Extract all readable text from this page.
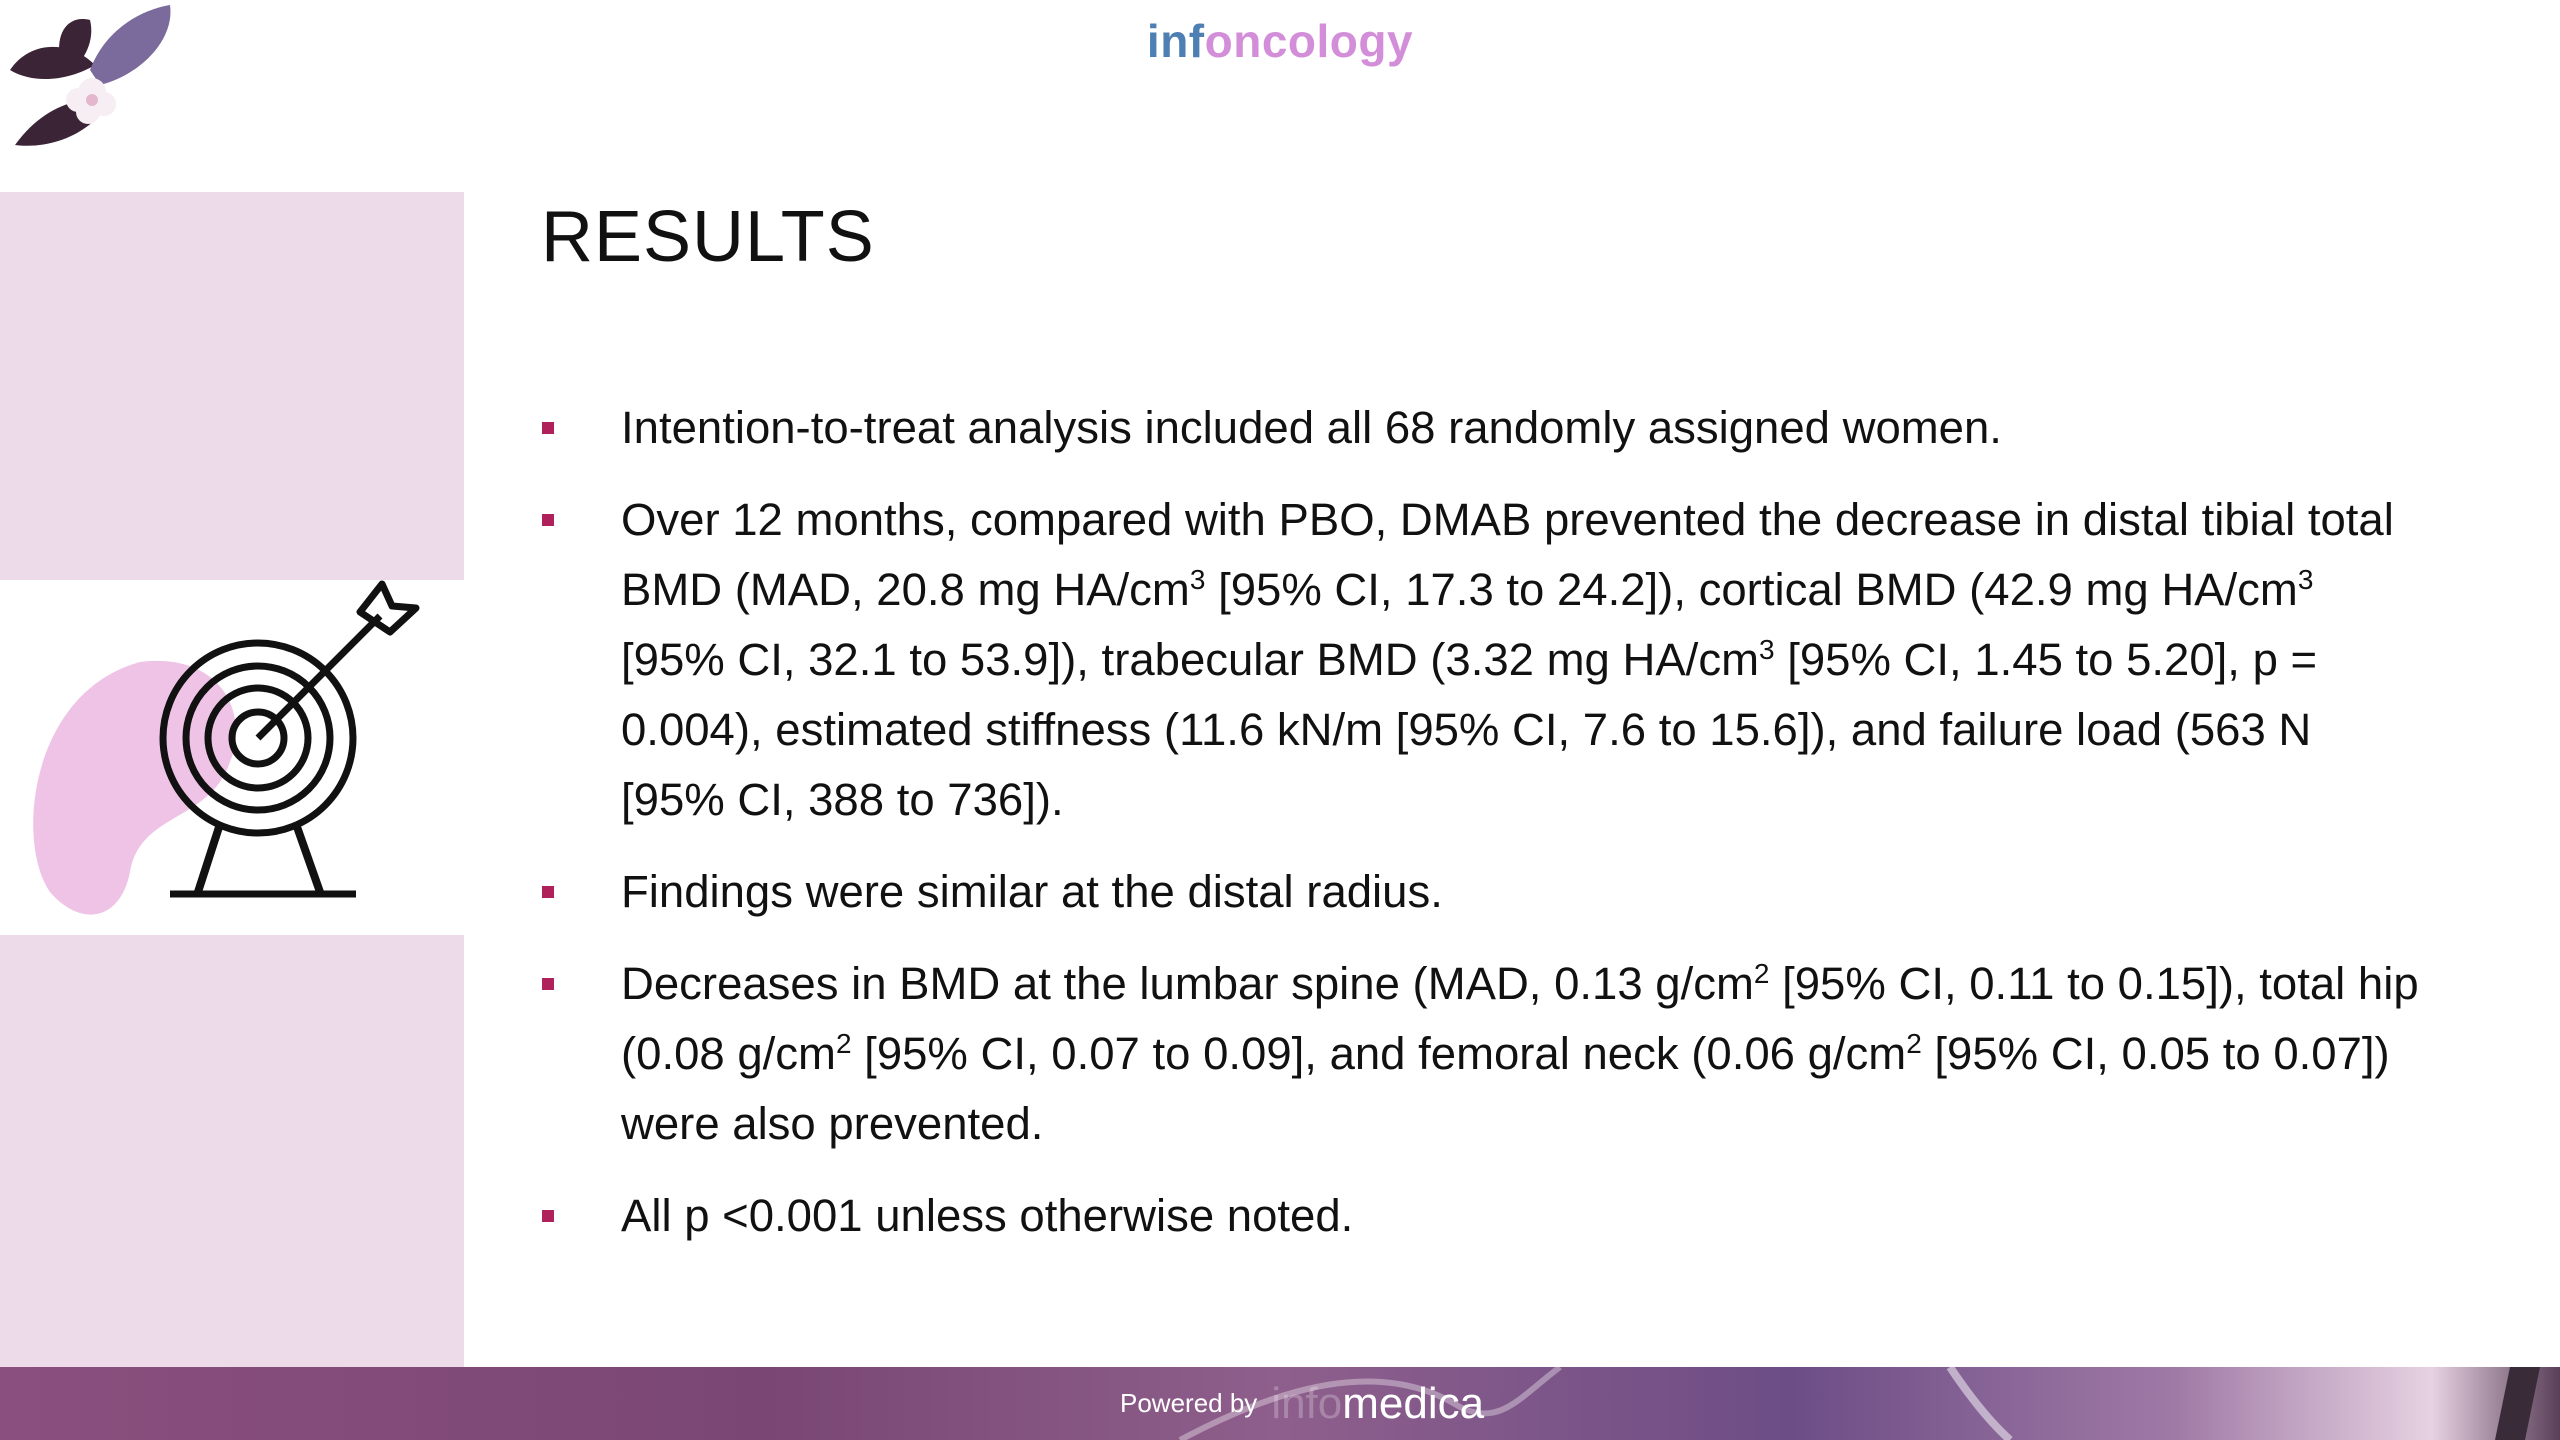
infoncology
RESULTS
Intention-to-treat analysis included all 68 randomly assigned women.
Over 12 months, compared with PBO, DMAB prevented the decrease in distal tibial total BMD (MAD, 20.8 mg $HA/cm^3$ [95% CI, 17.3 to 24.2]), cortical BMD (42.9 mg $HA/cm^3$ [95% CI, 32.1 to 53.9]), trabecular BMD (3.32 mg $HA/cm^3$ [95% CI, 1.45 to 5.20], p = 0.004), estimated stiffness (11.6 kN/m [95% CI, 7.6 to 15.6]), and failure load (563 N [95% CI, 388 to 736]).
Findings were similar at the distal radius.
Decreases in BMD at the lumbar spine (MAD, 0.13 $g/cm^2$ [95% CI, 0.11 to 0.15]), total hip (0.08 $g/cm^2$ [95% CI, 0.07 to 0.09], and femoral neck (0.06 $g/cm^2$ [95% CI, 0.05 to 0.07]) were also prevented.
All p <0.001 unless otherwise noted.
Powered by infomedica
